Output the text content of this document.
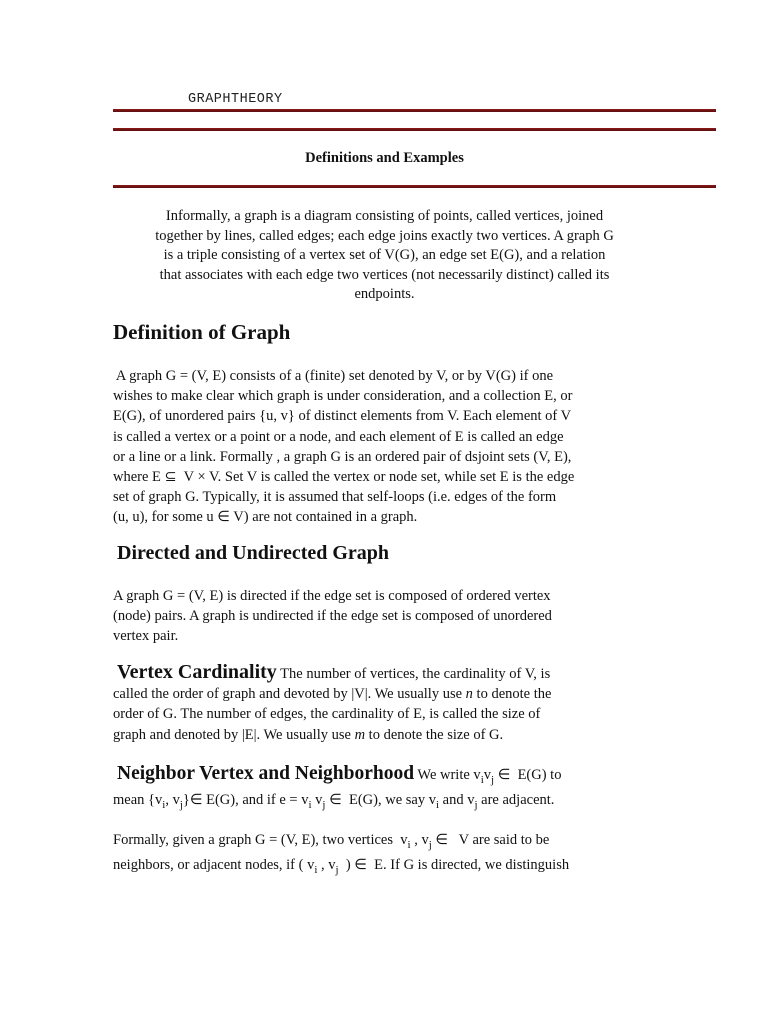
GRAPHTHEORY
Definitions and Examples
Informally, a graph is a diagram consisting of points, called vertices, joined
together by lines, called edges; each edge joins exactly two vertices. A graph G
is a triple consisting of a vertex set of V(G), an edge set E(G), and a relation
that associates with each edge two vertices (not necessarily distinct) called its
endpoints.
Definition of Graph
A graph G = (V, E) consists of a (finite) set denoted by V, or by V(G) if one
wishes to make clear which graph is under consideration, and a collection E, or
E(G), of unordered pairs {u, v} of distinct elements from V. Each element of V
is called a vertex or a point or a node, and each element of E is called an edge
or a line or a link. Formally , a graph G is an ordered pair of dsjoint sets (V, E),
where E ⊆  V × V. Set V is called the vertex or node set, while set E is the edge
set of graph G. Typically, it is assumed that self-loops (i.e. edges of the form
(u, u), for some u ∈ V) are not contained in a graph.
Directed and Undirected Graph
A graph G = (V, E) is directed if the edge set is composed of ordered vertex
(node) pairs. A graph is undirected if the edge set is composed of unordered
vertex pair.
Vertex Cardinality The number of vertices, the cardinality of V, is
called the order of graph and devoted by |V|. We usually use n to denote the
order of G. The number of edges, the cardinality of E, is called the size of
graph and denoted by |E|. We usually use m to denote the size of G.
Neighbor Vertex and Neighborhood We write $v_iv_j$ ∈  E(G) to
mean {$v_i$, $v_j\}\in$ E(G), and if $e = v_i$ $v_j$ ∈  E(G), we say $v_i$ and $v_j$ are adjacent.
Formally, given a graph G = (V, E), two vertices  $v_i$ , $v_j$ ∈   V are said to be
neighbors, or adjacent nodes, if ( $v_i$ , $v_j$  ) ∈  E. If G is directed, we distinguish
